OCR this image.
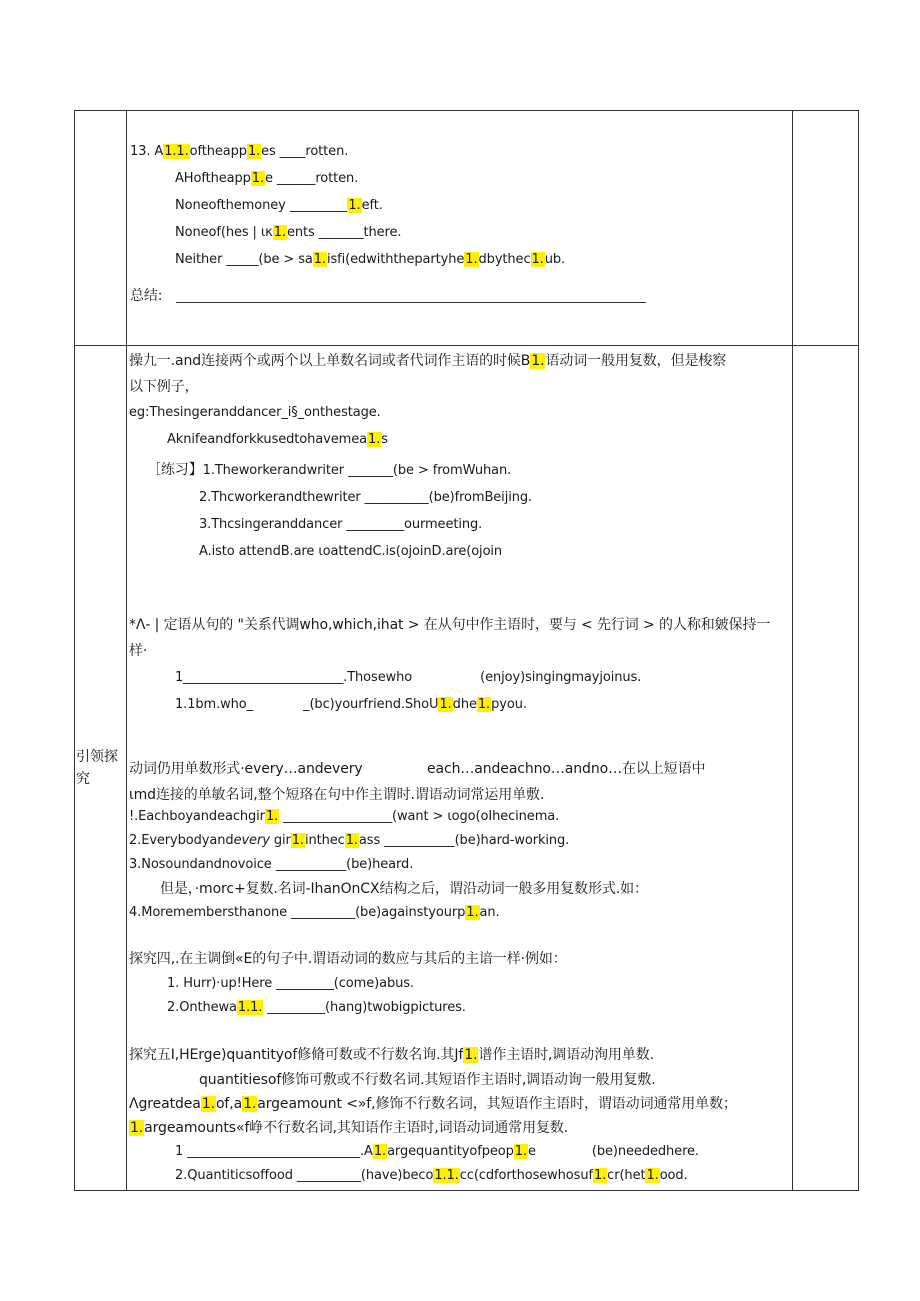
引领探究
13. A1.1.oftheapp1.es ____rotten.
AHoftheapp1.e ______rotten.
Noneofthemoney _________1.eft.
Noneof(hes | ικ1.ents _______there.
Neither _____(be > sa1.isfi(edwiththepartyhe1.dbythec1.ub.
总结:
操九一.and连接两个或两个以上单数名词或者代词作主语的时候B1.语动词一般用复数，但是梭察
以下例子，
eg:Thesingeranddancer_i§_onthestage.
Aknifeandforkkusedtohavemea1.s
［练习】1.Theworkerandwriter _______(be > fromWuhan.
2.Thcworkerandthewriter __________(be)fromBeijing.
3.Thcsingeranddancer _________ourmeeting.
A.isto attendB.are ιoattendC.is(ojoinD.are(ojoin
*Λ- | 定语从句的 "关系代调who,which,ihat > 在从句中作主语时，要与 < 先行词 > 的人称和皴保持一
样·
1_________________________.Thosewho	(enjoy)singingmayjoinus.
1.1bm.who_	_(bc)yourfriend.ShoU1.dhe1.pyou.
动词仍用单数形式·every…andevery	each…andeachno…andno…在以上短语中
ιmd连接的单敏名词,整个短珞在句中作主谓时.谓语动词常运用单敷.
!.Eachboyandeachgir1. _________________(want > ιogo(oIhecinema.
2.Everybodyandevery gir1.inthec1.ass ___________(be)hard-working.
3.Nosoundandnovoice ___________(be)heard.
但是，·morc+复数.名词-IhanOnCX结构之后，谓沿动词一般多用复数形式.如：
4.Moremembersthanone __________(be)againstyourp1.an.
探究四,.在主调倒«E的句子中.谓语动词的数应与其后的主谙一样·例如：
1. Hurr)·up!Here _________(come)abus.
2.Onthewa1.1. _________(hang)twobigpictures.
探究五I,HErge)quantityof修脩可数或不行数名询.其Jf1.谱作主语时,调语动洵用单数.
quantitiesof修饰可敷或不行数名词.其短语作主语时,调语动询一般用复敷.
Λgreatdea1.of,a1.argeamount <»f,修饰不行数名词，其短语作主语时，谓语动词通常用单数；
1.argeamounts«f峥不行数名词,其知语作主语时,词语动词通常用复数.
1 ___________________________.A1.argequantityofpeop1.e	(be)neededhere.
2.Quantiticsoffood __________(have)beco1.1.cc(cdforthosewhosuf1.cr(het1.ood.
